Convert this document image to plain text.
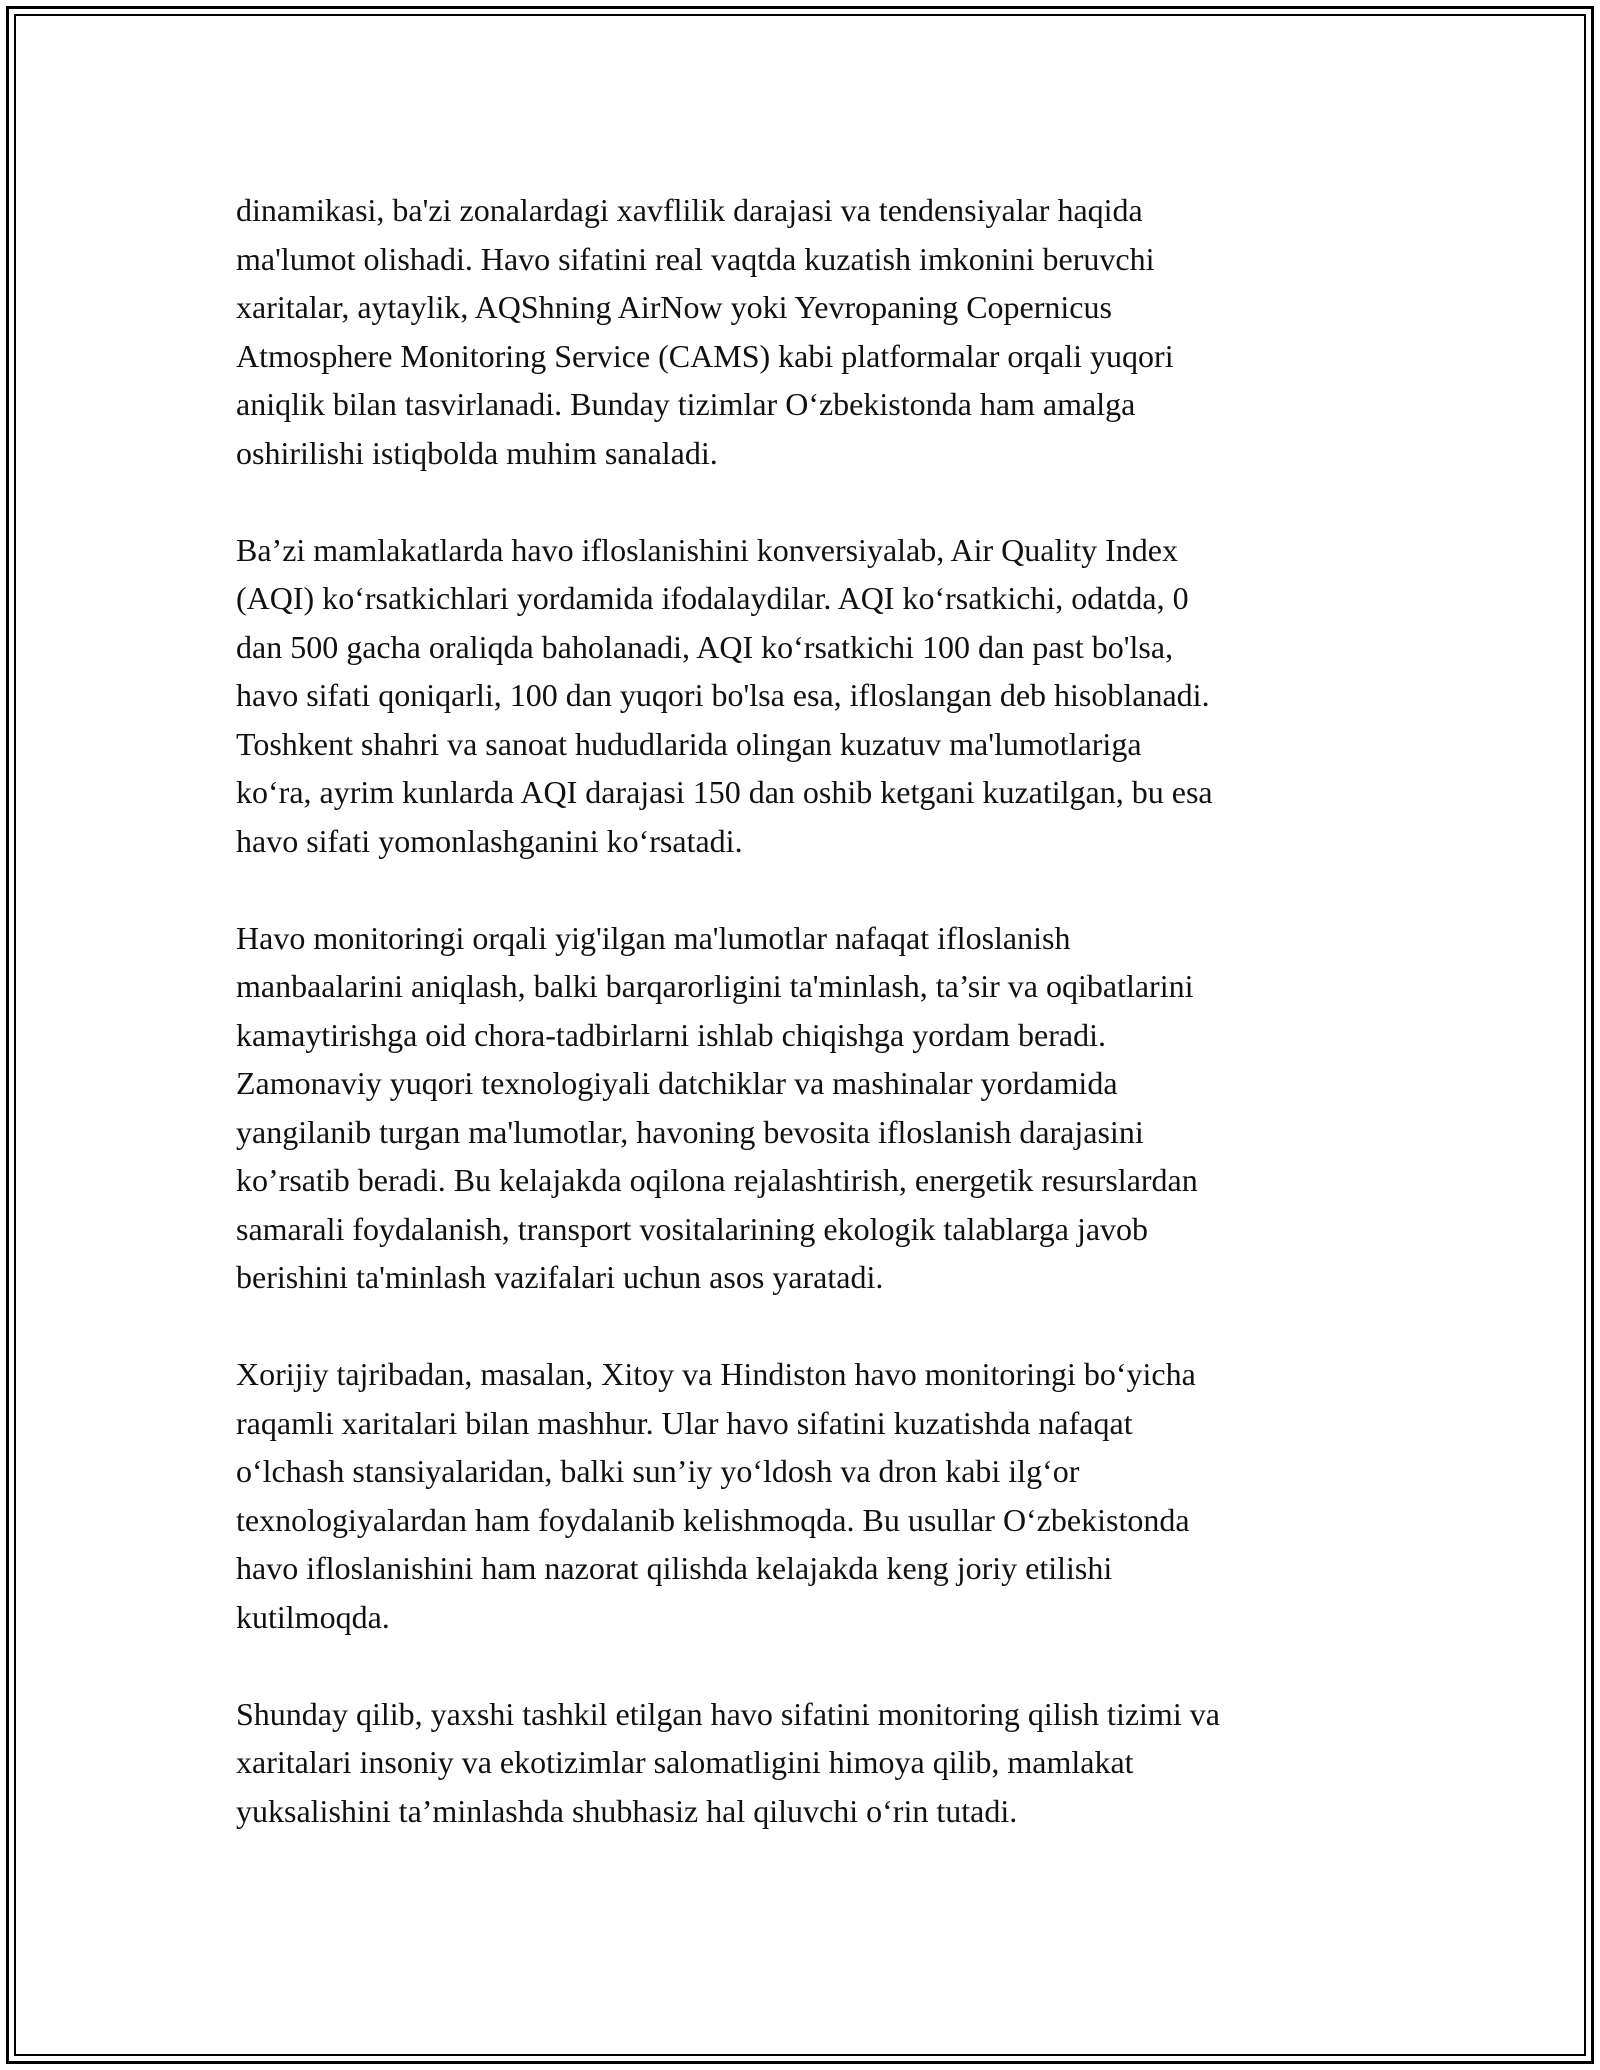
dinamikasi, ba'zi zonalardagi xavflilik darajasi va tendensiyalar haqida
ma'lumot olishadi. Havo sifatini real vaqtda kuzatish imkonini beruvchi
xaritalar, aytaylik, AQShning AirNow yoki Yevropaning Copernicus
Atmosphere Monitoring Service (CAMS) kabi platformalar orqali yuqori
aniqlik bilan tasvirlanadi. Bunday tizimlar O‘zbekistonda ham amalga
oshirilishi istiqbolda muhim sanaladi.

Ba’zi mamlakatlarda havo ifloslanishini konversiyalab, Air Quality Index
(AQI) ko‘rsatkichlari yordamida ifodalaydilar. AQI ko‘rsatkichi, odatda, 0
dan 500 gacha oraliqda baholanadi, AQI ko‘rsatkichi 100 dan past bo'lsa,
havo sifati qoniqarli, 100 dan yuqori bo'lsa esa, ifloslangan deb hisoblanadi.
Toshkent shahri va sanoat hududlarida olingan kuzatuv ma'lumotlariga
ko‘ra, ayrim kunlarda AQI darajasi 150 dan oshib ketgani kuzatilgan, bu esa
havo sifati yomonlashganini ko‘rsatadi.

Havo monitoringi orqali yig'ilgan ma'lumotlar nafaqat ifloslanish
manbaalarini aniqlash, balki barqarorligini ta'minlash, ta’sir va oqibatlarini
kamaytirishga oid chora-tadbirlarni ishlab chiqishga yordam beradi.
Zamonaviy yuqori texnologiyali datchiklar va mashinalar yordamida
yangilanib turgan ma'lumotlar, havoning bevosita ifloslanish darajasini
ko’rsatib beradi. Bu kelajakda oqilona rejalashtirish, energetik resurslardan
samarali foydalanish, transport vositalarining ekologik talablarga javob
berishini ta'minlash vazifalari uchun asos yaratadi.

Xorijiy tajribadan, masalan, Xitoy va Hindiston havo monitoringi bo‘yicha
raqamli xaritalari bilan mashhur. Ular havo sifatini kuzatishda nafaqat
o‘lchash stansiyalaridan, balki sun’iy yo‘ldosh va dron kabi ilg‘or
texnologiyalardan ham foydalanib kelishmoqda. Bu usullar O‘zbekistonda
havo ifloslanishini ham nazorat qilishda kelajakda keng joriy etilishi
kutilmoqda.

Shunday qilib, yaxshi tashkil etilgan havo sifatini monitoring qilish tizimi va
xaritalari insoniy va ekotizimlar salomatligini himoya qilib, mamlakat
yuksalishini ta’minlashda shubhasiz hal qiluvchi o‘rin tutadi.
